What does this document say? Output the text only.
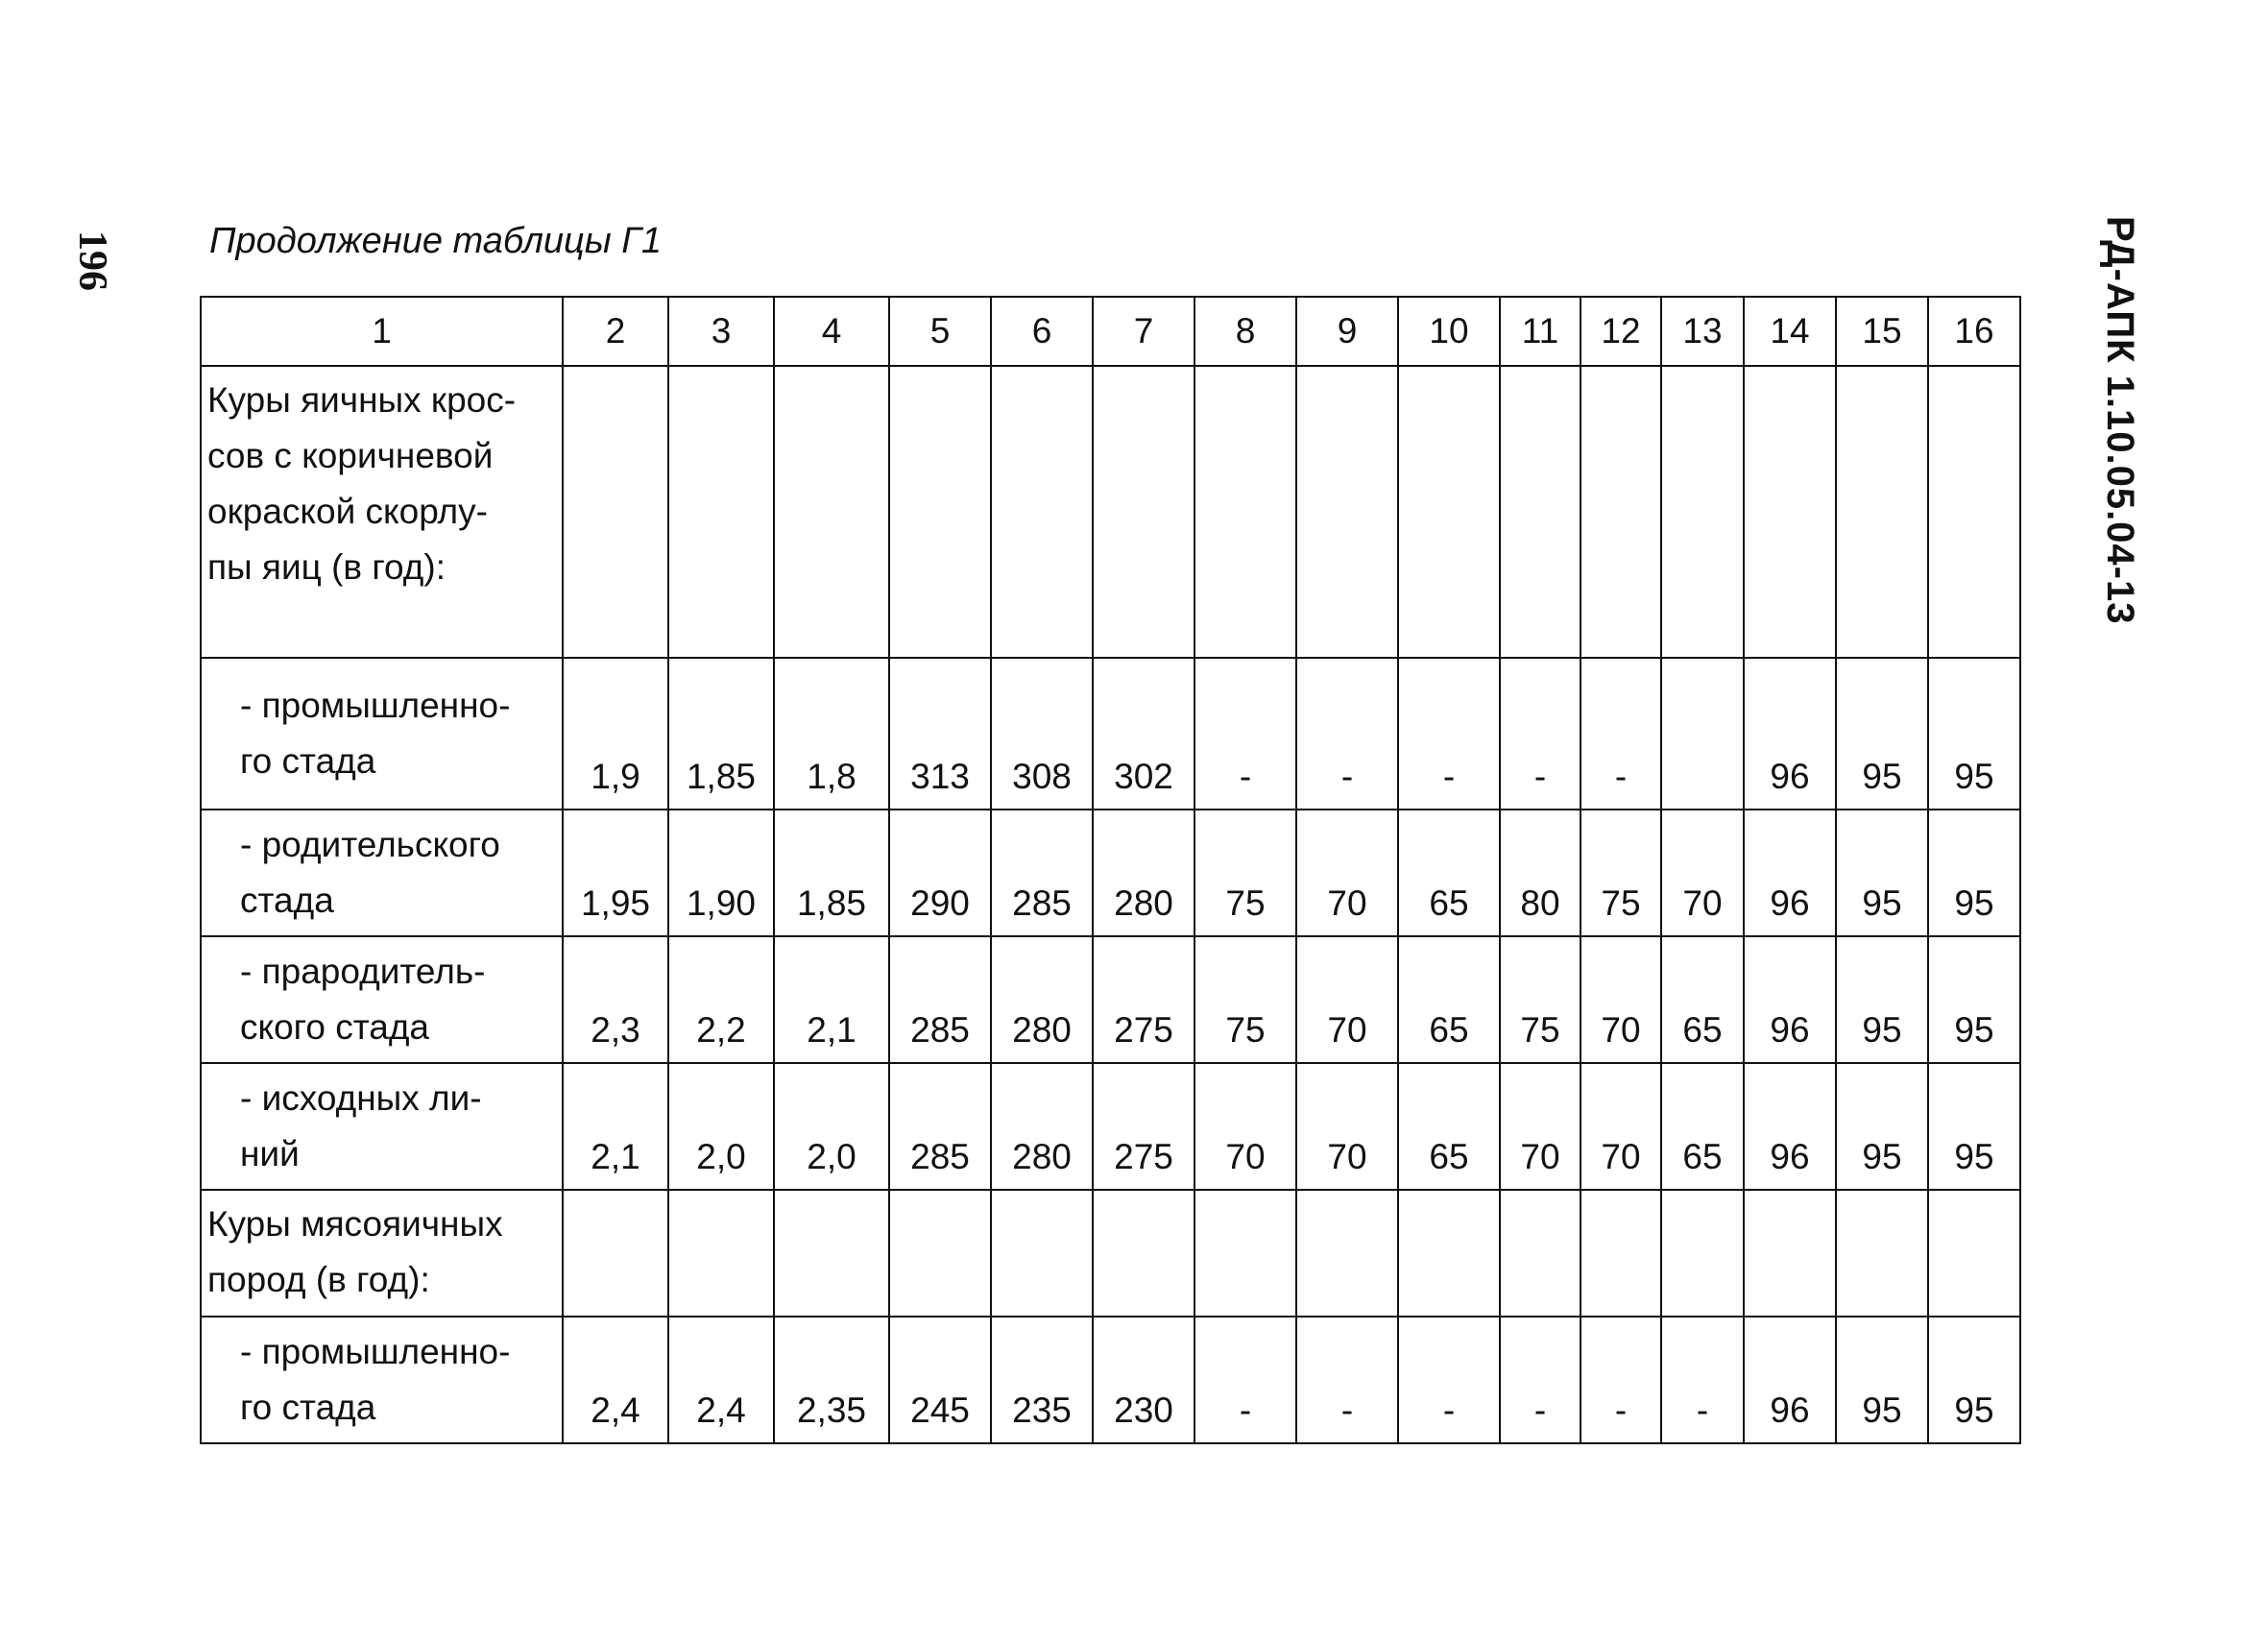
196	РД-АПК 1.10.05.04-13
Продолжение таблицы Г1
1	2	3	4	5	6	7	8	9	10	11	12	13	14	15	16

Куры яичных крос-
сов с коричневой
окраской скорлу-
пы яиц (в год):															

- промышленно-
го стада	1,9	1,85	1,8	313	308	302	-	-	-	-	-		96	95	95

- родительского
стада	1,95	1,90	1,85	290	285	280	75	70	65	80	75	70	96	95	95

- прародитель-
ского стада	2,3	2,2	2,1	285	280	275	75	70	65	75	70	65	96	95	95

- исходных ли-
ний	2,1	2,0	2,0	285	280	275	70	70	65	70	70	65	96	95	95

Куры мясояичных
пород (в год):															

- промышленно-
го стада	2,4	2,4	2,35	245	235	230	-	-	-	-	-	-	96	95	95
